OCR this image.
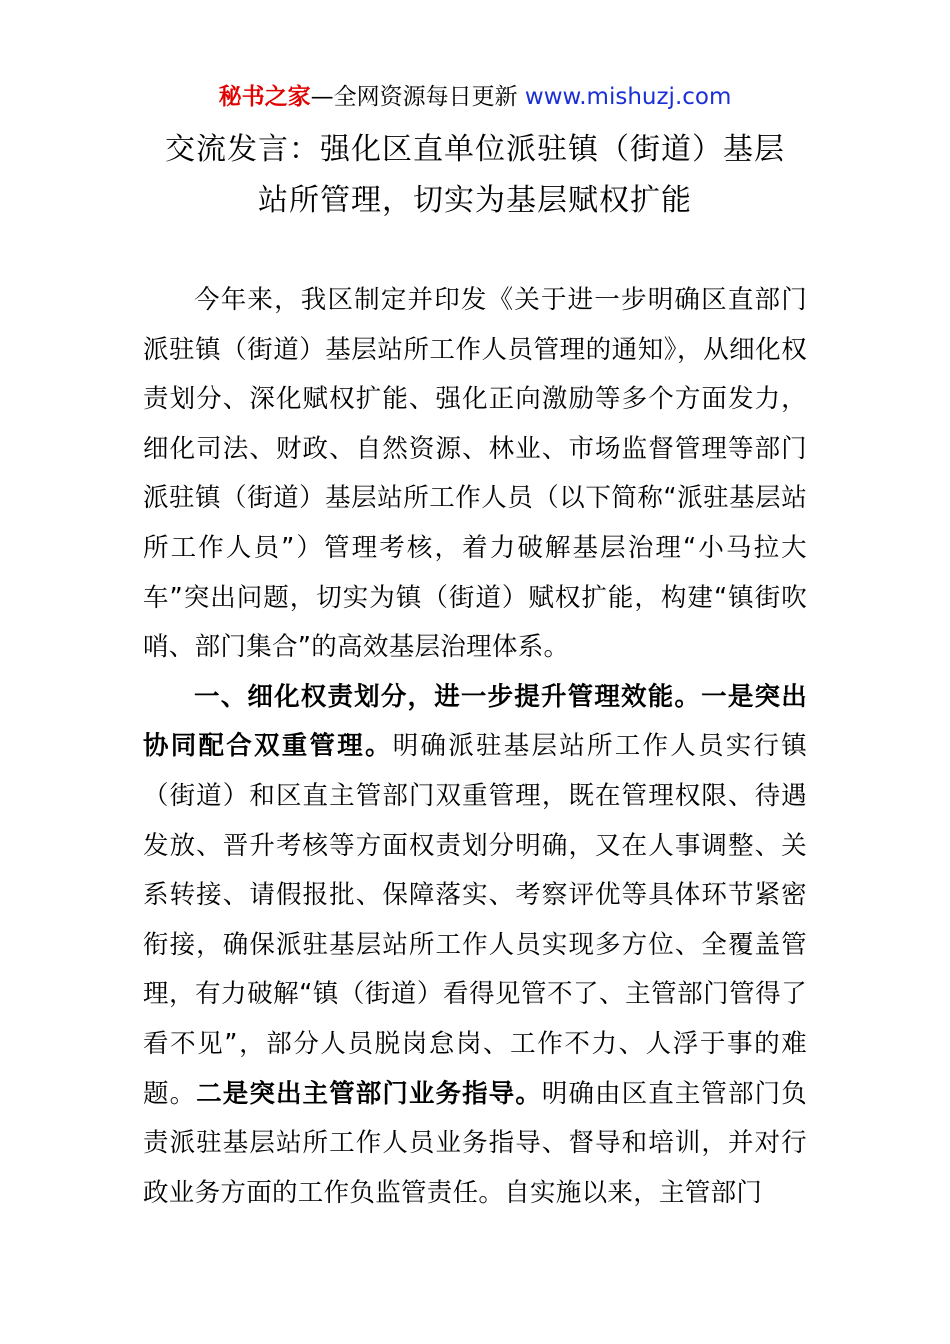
秘书之家—全网资源每日更新 www.mishuzj.com
交流发言：强化区直单位派驻镇（街道）基层
站所管理，切实为基层赋权扩能

今年来，我区制定并印发《关于进一步明确区直部门派驻镇（街道）基层站所工作人员管理的通知》，从细化权责划分、深化赋权扩能、强化正向激励等多个方面发力，细化司法、财政、自然资源、林业、市场监督管理等部门派驻镇（街道）基层站所工作人员（以下简称“派驻基层站所工作人员”）管理考核，着力破解基层治理“小马拉大车”突出问题，切实为镇（街道）赋权扩能，构建“镇街吹哨、部门集合”的高效基层治理体系。

一、细化权责划分，进一步提升管理效能。一是突出协同配合双重管理。明确派驻基层站所工作人员实行镇（街道）和区直主管部门双重管理，既在管理权限、待遇发放、晋升考核等方面权责划分明确，又在人事调整、关系转接、请假报批、保障落实、考察评优等具体环节紧密衔接，确保派驻基层站所工作人员实现多方位、全覆盖管理，有力破解“镇（街道）看得见管不了、主管部门管得了看不见”，部分人员脱岗怠岗、工作不力、人浮于事的难题。二是突出主管部门业务指导。明确由区直主管部门负责派驻基层站所工作人员业务指导、督导和培训，并对行政业务方面的工作负监管责任。自实施以来，主管部门
